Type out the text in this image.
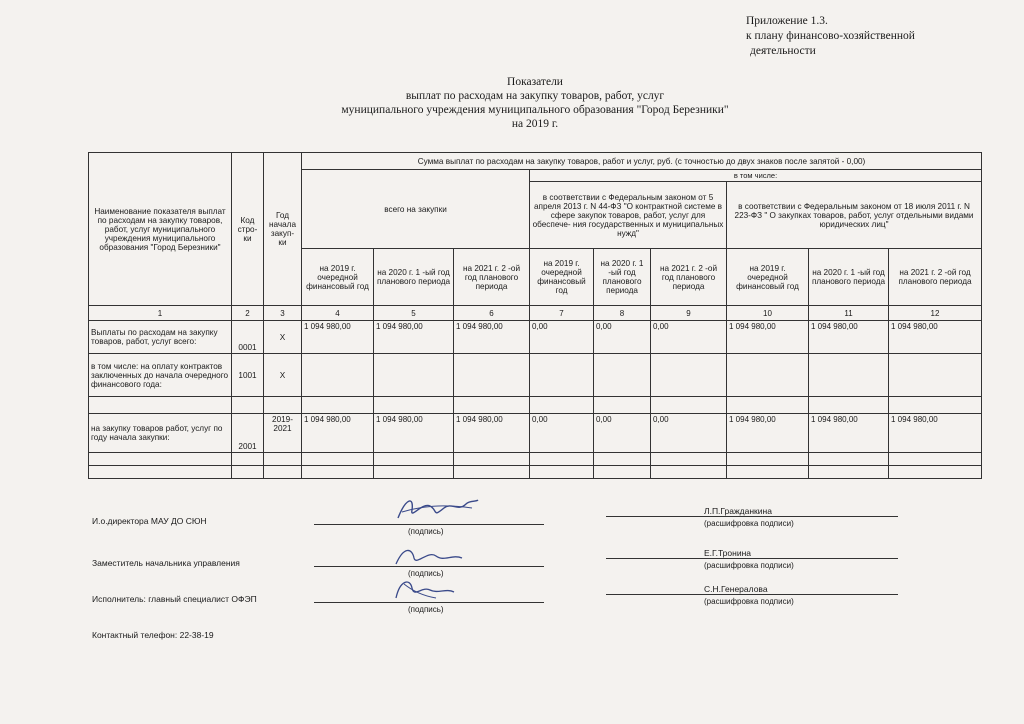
Приложение 1.3.
к плану финансово-хозяйственной
деятельности
Показатели
выплат по расходам на закупку товаров, работ, услуг
муниципального учреждения муниципального образования "Город Березники"
на 2019 г.
Наименование показателя выплат по расходам на закупку товаров, работ, услуг муниципального учреждения муниципального образования "Город Березники"	Код стро- ки	Год начала закуп- ки	Сумма выплат по расходам на закупку товаров, работ и услуг, руб. (с точностью до двух знаков после запятой - 0,00)								
			всего на закупки			в том числе:					
						в соответствии с Федеральным законом от 5 апреля 2013 г. N 44-ФЗ "О контрактной системе в сфере закупок товаров, работ, услуг для обеспече- ния государственных и муниципальных нужд"			в соответствии с Федеральным законом от 18 июля 2011 г. N 223-ФЗ " О закупках товаров, работ, услуг отдельными видами юридических лиц"		
			на 2019 г. очередной финансовый год	на 2020 г. 1 -ый год планового периода	на 2021 г. 2 -ой год планового периода	на 2019 г. очередной финансовый год	на 2020 г. 1 -ый год планового периода	на 2021 г. 2 -ой год планового периода	на 2019 г. очередной финансовый год	на 2020 г. 1 -ый год планового периода	на 2021 г. 2 -ой год планового периода
1	2	3	4	5	6	7	8	9	10	11	12
Выплаты по расходам на закупку товаров, работ, услуг всего:	0001	Х	1 094 980,00	1 094 980,00	1 094 980,00	0,00	0,00	0,00	1 094 980,00	1 094 980,00	1 094 980,00
в том числе: на оплату контрактов заключенных до начала очередного финансового года:	1001	Х									

на закупку товаров работ, услуг по году начала закупки:	2001	2019-2021	1 094 980,00	1 094 980,00	1 094 980,00	0,00	0,00	0,00	1 094 980,00	1 094 980,00	1 094 980,00

И.о.директора МАУ ДО СЮН
(подпись)
Л.П.Гражданкина
(расшифровка подписи)
Заместитель начальника управления
(подпись)
Е.Г.Тронина
(расшифровка подписи)
Исполнитель: главный специалист ОФЭП
(подпись)
С.Н.Генералова
(расшифровка подписи)
Контактный телефон: 22-38-19
